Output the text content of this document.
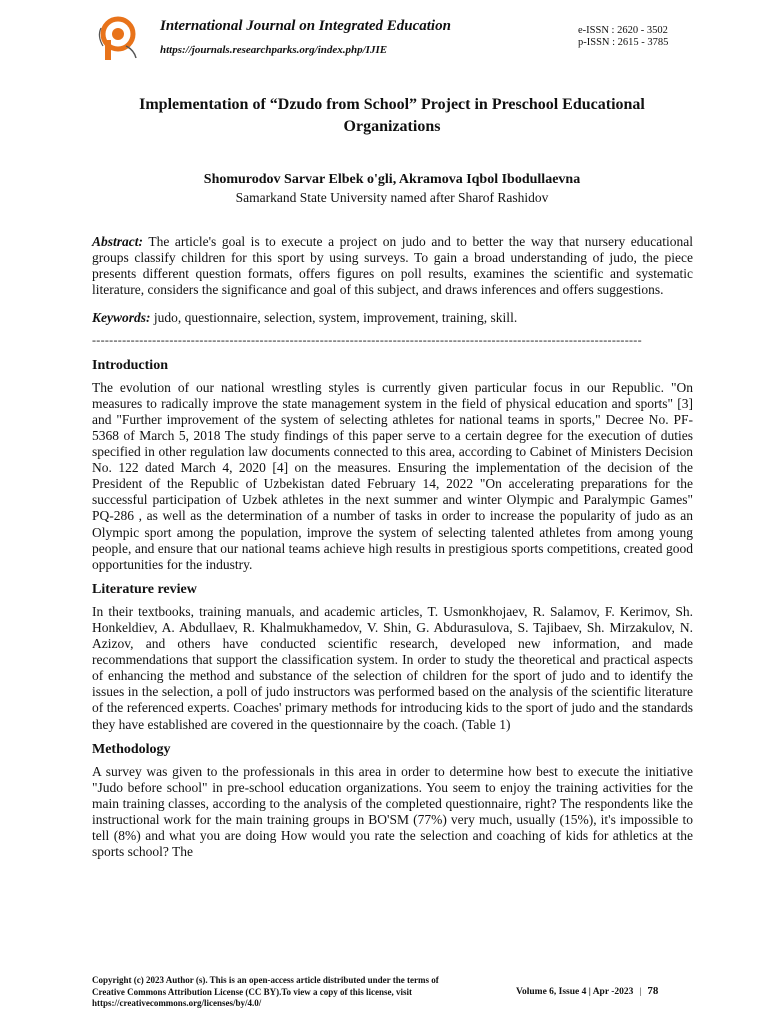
International Journal on Integrated Education
https://journals.researchparks.org/index.php/IJIE
e-ISSN : 2620 - 3502
p-ISSN : 2615 - 3785
Implementation of “Dzudo from School” Project in Preschool Educational Organizations

Shomurodov Sarvar Elbek o'gli, Akramova Iqbol Ibodullaevna

Samarkand State University named after Sharof Rashidov

Abstract: The article's goal is to execute a project on judo and to better the way that nursery educational groups classify children for this sport by using surveys. To gain a broad understanding of judo, the piece presents different question formats, offers figures on poll results, examines the scientific and systematic literature, considers the significance and goal of this subject, and draws inferences and offers suggestions.

Keywords: judo, questionnaire, selection, system, improvement, training, skill.

--------------------------------------------------------------------------------------------------------------------------------
Introduction

The evolution of our national wrestling styles is currently given particular focus in our Republic. "On measures to radically improve the state management system in the field of physical education and sports" [3] and "Further improvement of the system of selecting athletes for national teams in sports," Decree No. PF-5368 of March 5, 2018 The study findings of this paper serve to a certain degree for the execution of duties specified in other regulation law documents connected to this area, according to Cabinet of Ministers Decision No. 122 dated March 4, 2020 [4] on the measures. Ensuring the implementation of the decision of the President of the Republic of Uzbekistan dated February 14, 2022 "On accelerating preparations for the successful participation of Uzbek athletes in the next summer and winter Olympic and Paralympic Games" PQ-286 , as well as the determination of a number of tasks in order to increase the popularity of judo as an Olympic sport among the population, improve the system of selecting talented athletes from among young people, and ensure that our national teams achieve high results in prestigious sports competitions, created good opportunities for the industry.

Literature review

In their textbooks, training manuals, and academic articles, T. Usmonkhojaev, R. Salamov, F. Kerimov, Sh. Honkeldiev, A. Abdullaev, R. Khalmukhamedov, V. Shin, G. Abdurasulova, S. Tajibaev, Sh. Mirzakulov, N. Azizov, and others have conducted scientific research, developed new information, and made recommendations that support the classification system. In order to study the theoretical and practical aspects of enhancing the method and substance of the selection of children for the sport of judo and to identify the issues in the selection, a poll of judo instructors was performed based on the analysis of the scientific literature of the referenced experts. Coaches' primary methods for introducing kids to the sport of judo and the standards they have established are covered in the questionnaire by the coach. (Table 1)

Methodology

A survey was given to the professionals in this area in order to determine how best to execute the initiative "Judo before school" in pre-school education organizations. You seem to enjoy the training activities for the main training classes, according to the analysis of the completed questionnaire, right? The respondents like the instructional work for the main training groups in BO'SM (77%) very much, usually (15%), it's impossible to tell (8%) and what you are doing How would you rate the selection and coaching of kids for athletics at the sports school? The

Copyright (c) 2023 Author (s). This is an open-access article distributed under the terms of Creative Commons Attribution License (CC BY).To view a copy of this license, visit https://creativecommons.org/licenses/by/4.0/
Volume 6, Issue 4 | Apr -2023 | 78
